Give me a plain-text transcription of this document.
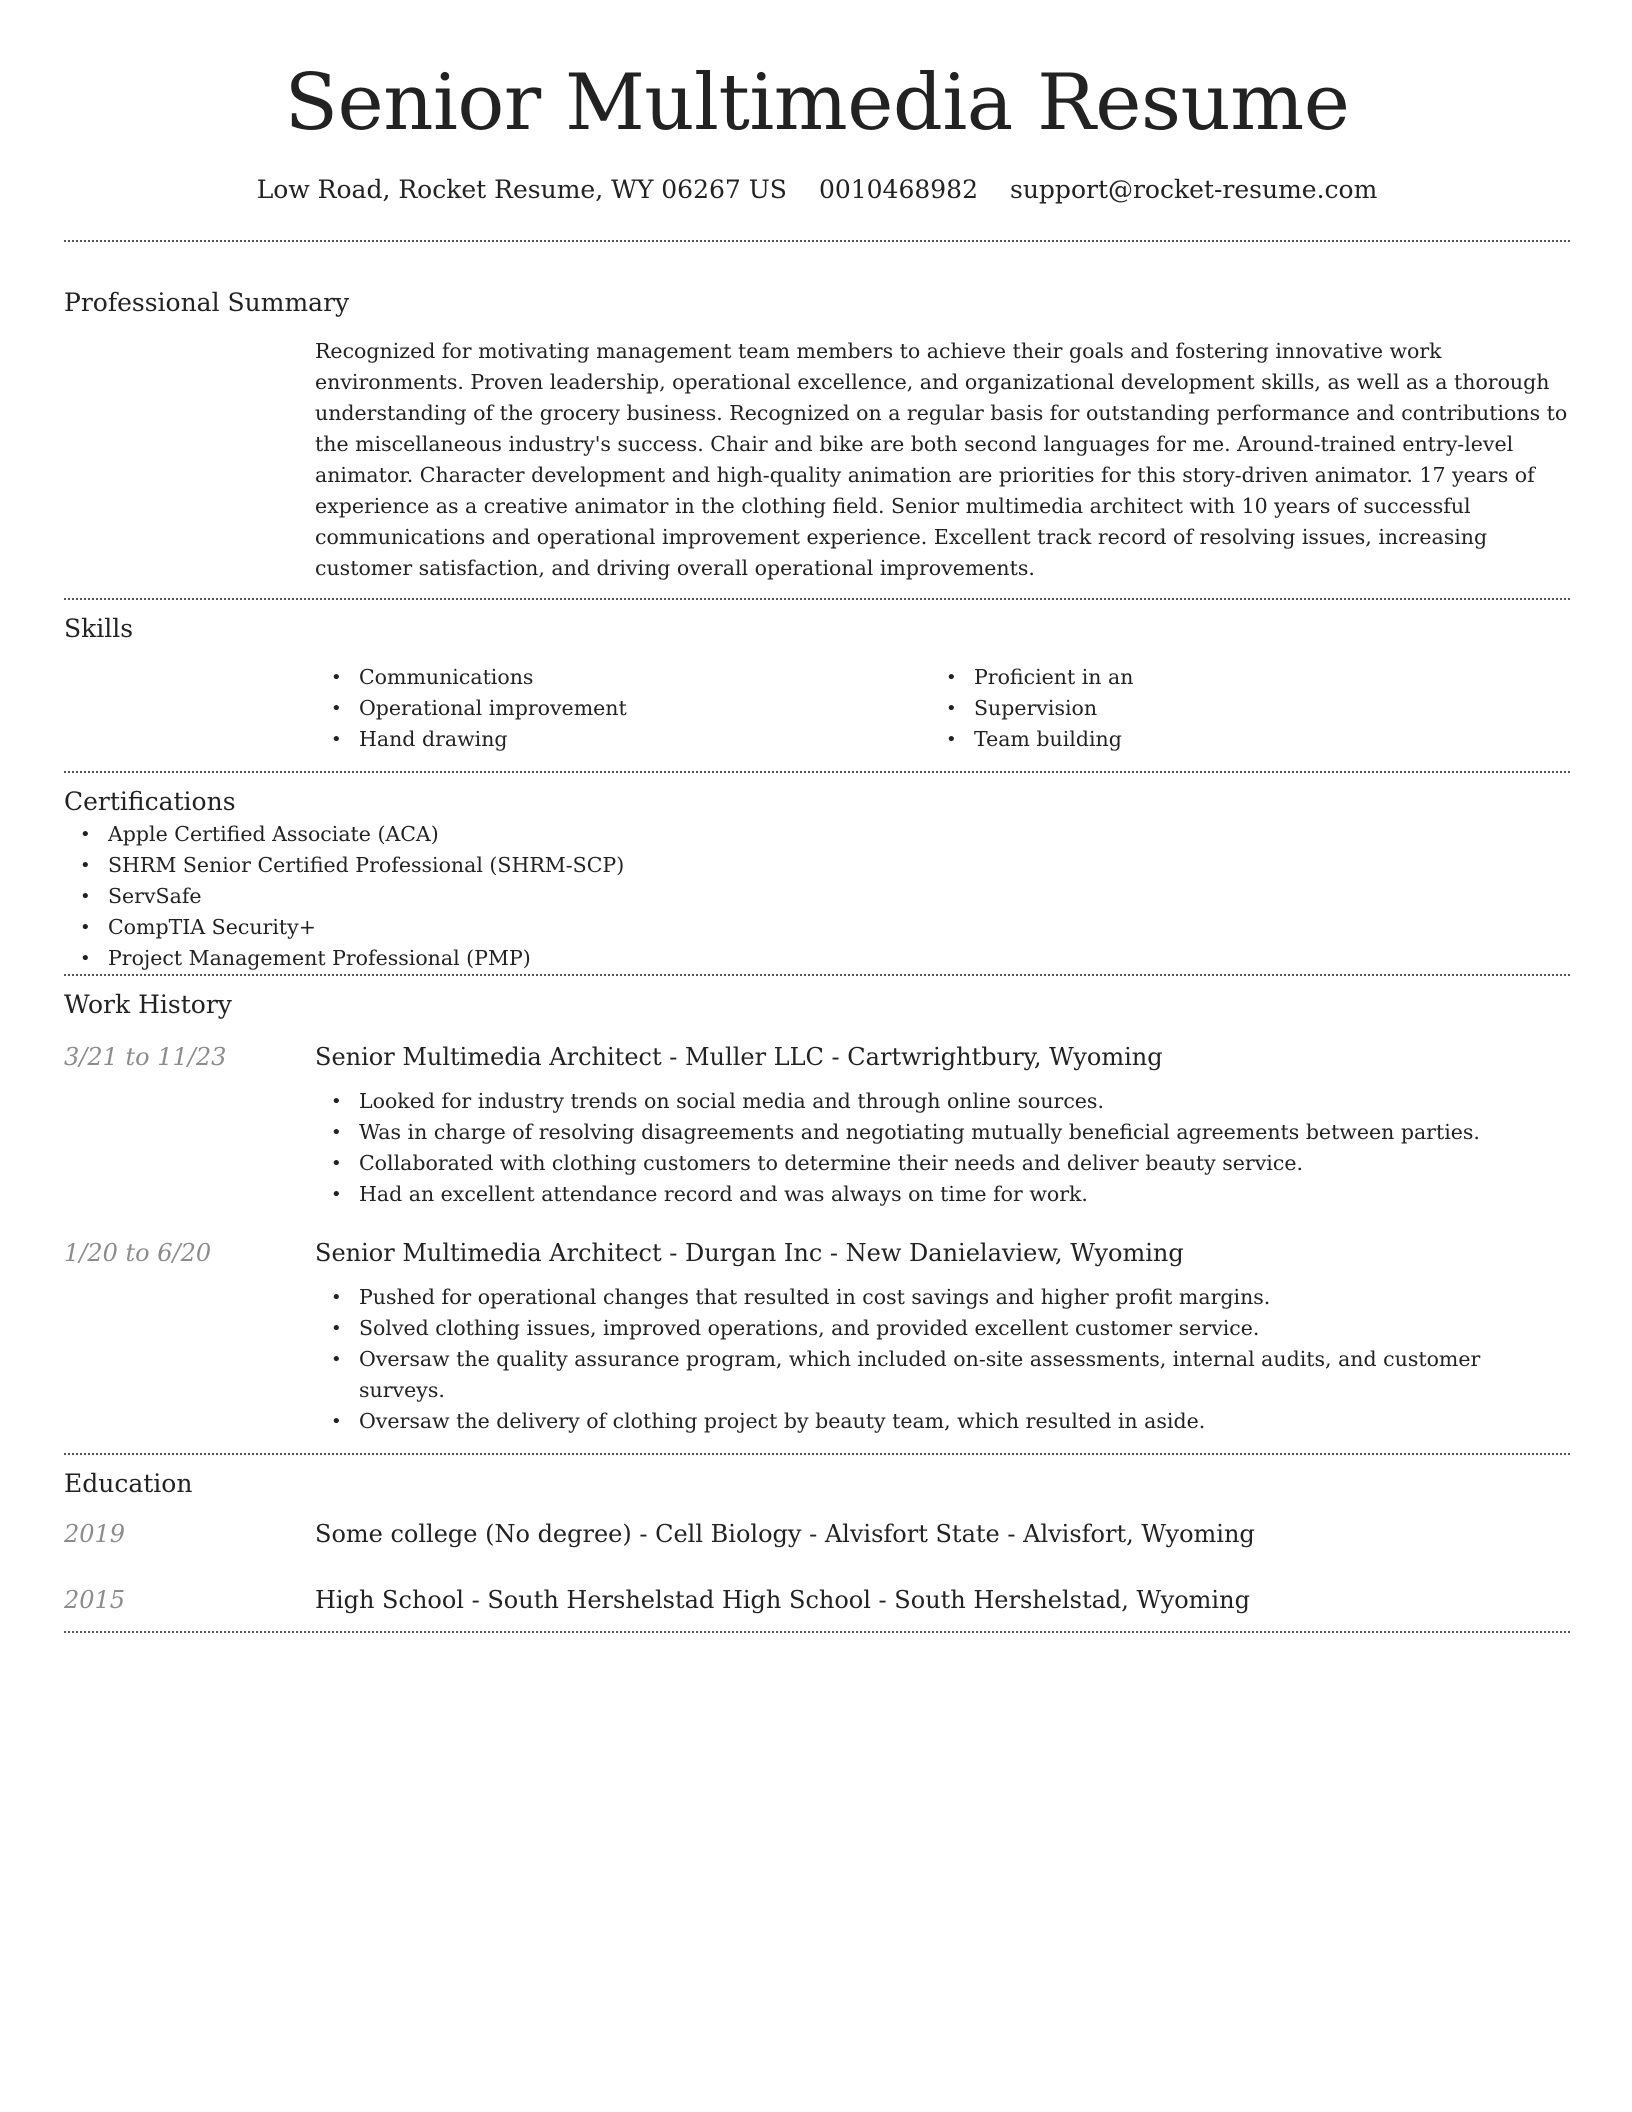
Senior Multimedia Resume
Low Road, Rocket Resume, WY 06267 US 0010468982 support@rocket-resume.com
Professional Summary
Recognized for motivating management team members to achieve their goals and fostering innovative work environments. Proven leadership, operational excellence, and organizational development skills, as well as a thorough understanding of the grocery business. Recognized on a regular basis for outstanding performance and contributions to the miscellaneous industry's success. Chair and bike are both second languages for me. Around-trained entry-level animator. Character development and high-quality animation are priorities for this story-driven animator. 17 years of experience as a creative animator in the clothing field. Senior multimedia architect with 10 years of successful communications and operational improvement experience. Excellent track record of resolving issues, increasing customer satisfaction, and driving overall operational improvements.
Skills
• Communications
• Operational improvement
• Hand drawing
• Proficient in an
• Supervision
• Team building
Certifications
• Apple Certified Associate (ACA)
• SHRM Senior Certified Professional (SHRM-SCP)
• ServSafe
• CompTIA Security+
• Project Management Professional (PMP)
Work History
3/21 to 11/23	Senior Multimedia Architect - Muller LLC - Cartwrightbury, Wyoming
• Looked for industry trends on social media and through online sources.
• Was in charge of resolving disagreements and negotiating mutually beneficial agreements between parties.
• Collaborated with clothing customers to determine their needs and deliver beauty service.
• Had an excellent attendance record and was always on time for work.
1/20 to 6/20	Senior Multimedia Architect - Durgan Inc - New Danielaview, Wyoming
• Pushed for operational changes that resulted in cost savings and higher profit margins.
• Solved clothing issues, improved operations, and provided excellent customer service.
• Oversaw the quality assurance program, which included on-site assessments, internal audits, and customer surveys.
• Oversaw the delivery of clothing project by beauty team, which resulted in aside.
Education
2019	Some college (No degree) - Cell Biology - Alvisfort State - Alvisfort, Wyoming
2015	High School - South Hershelstad High School - South Hershelstad, Wyoming
